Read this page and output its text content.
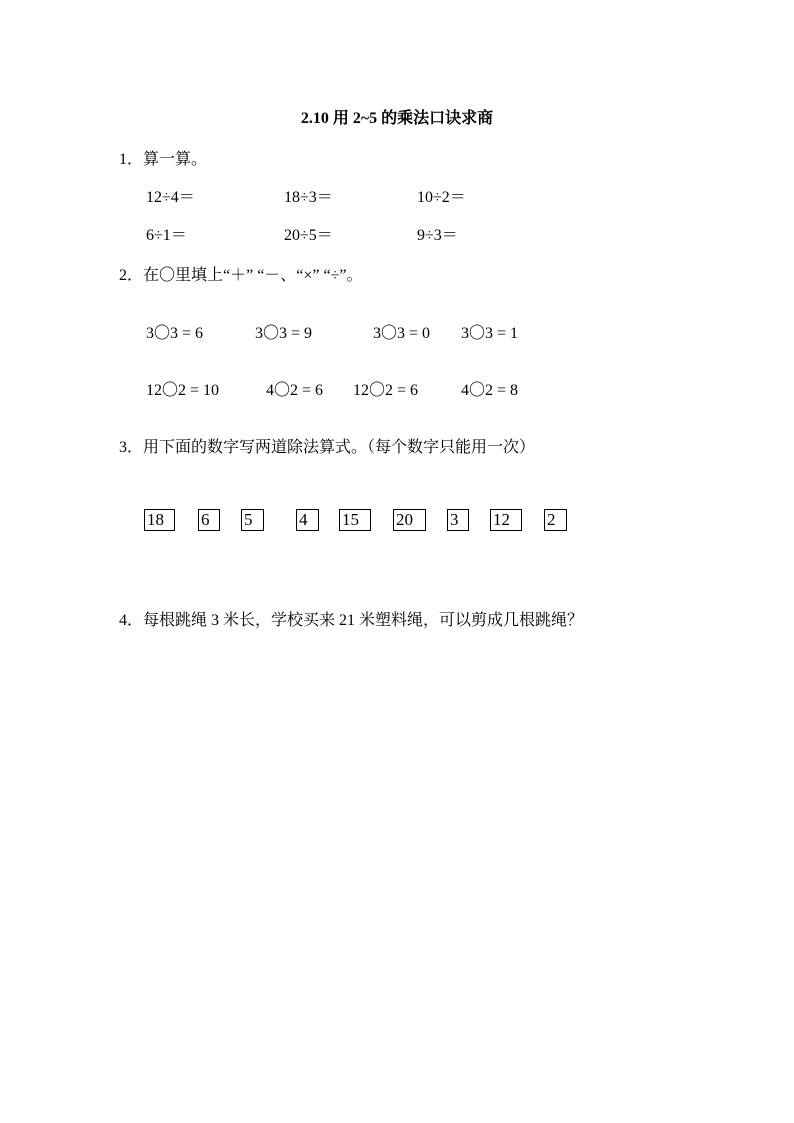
2.10 用 2~5 的乘法口诀求商
1．算一算。
12÷4＝	18÷3＝	10÷2＝
6÷1＝	20÷5＝	9÷3＝
2．在〇里填上“＋” “－、“×” “÷”。
3〇3 = 6	3〇3 = 9	3〇3 = 0 3〇3 = 1
12〇2 = 10	4〇2 = 6 12〇2 = 6	4〇2 = 8
3．用下面的数字写两道除法算式。（每个数字只能用一次）
18	6	5	4	15	20	3	12	2
4．每根跳绳 3 米长，学校买来 21 米塑料绳，可以剪成几根跳绳？
